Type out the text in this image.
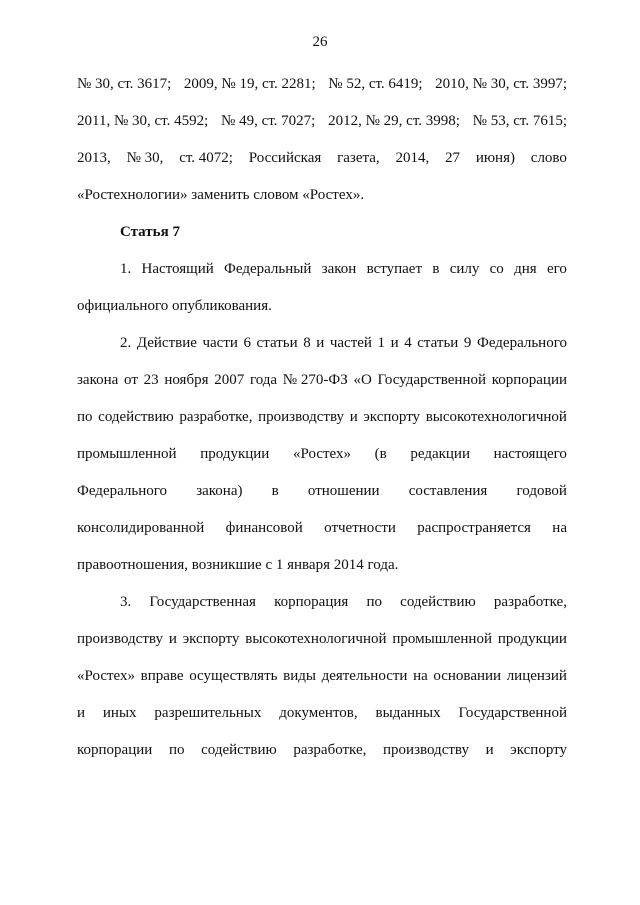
26
№ 30, ст. 3617; 2009, № 19, ст. 2281; № 52, ст. 6419; 2010, № 30, ст. 3997;
2011, № 30, ст. 4592; № 49, ст. 7027; 2012, № 29, ст. 3998; № 53, ст. 7615;
2013, № 30, ст. 4072; Российская газета, 2014, 27 июня) слово
«Ростехнологии» заменить словом «Ростех».
Статья 7
1. Настоящий Федеральный закон вступает в силу со дня его
официального опубликования.
2. Действие части 6 статьи 8 и частей 1 и 4 статьи 9 Федерального
закона от 23 ноября 2007 года № 270-ФЗ «О Государственной корпорации
по содействию разработке, производству и экспорту высокотехнологичной
промышленной продукции «Ростех» (в редакции настоящего
Федерального закона) в отношении составления годовой
консолидированной финансовой отчетности распространяется на
правоотношения, возникшие с 1 января 2014 года.
3. Государственная корпорация по содействию разработке,
производству и экспорту высокотехнологичной промышленной продукции
«Ростех» вправе осуществлять виды деятельности на основании лицензий
и иных разрешительных документов, выданных Государственной
корпорации по содействию разработке, производству и экспорту
